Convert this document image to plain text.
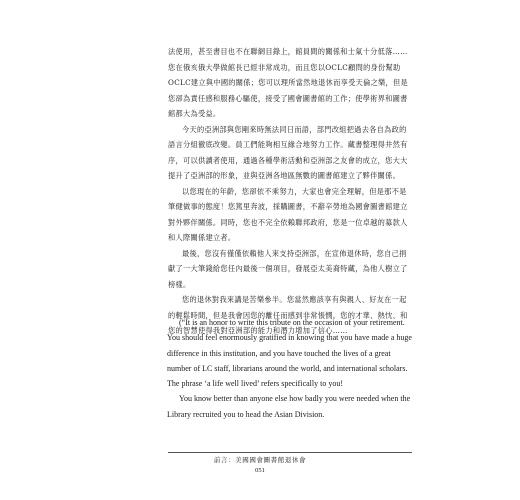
法使用，甚至書目也不在聯網目錄上，館員間的關係和士氣十分低落……您在俄亥俄大學做館長已經非常成功，而且您以OCLC顧問的身份幫助OCLC建立與中國的關係；您可以理所當然地退休而享受天倫之樂，但是您卻為責任感和服務心驅使，接受了國會圖書館的工作；使學術界和圖書館都大為受益。

今天的亞洲部與您剛來時無法同日而語，部門改組把過去各自為政的語言分組徹底改變。員工們能夠相互緣合地努力工作。藏書整理得井然有序，可以供讀者使用，通過各種學術活動和亞洲部之友會的成立，您大大提升了亞洲部的形象，並與亞洲各地區無數的圖書館建立了夥伴關係。

以您現在的年齡，您卻依不乘努力，大家也會完全理解，但是那不是筆健做事的態度！您篤里奔波，採購圖書，不辭辛勞地為國會圖書館建立對外夥伴關係。同時，您也不完全依賴聯邦政府，您是一位卓越的募款人和人際關係建立者。

最後，您沒有僅僅依賴他人來支持亞洲部，在宣佈退休時，您自己捐獻了一大筆錢給您任內最後一個項目，發展亞太美裔特藏，為他人樹立了榜樣。

您的退休對我來講是苦樂參半。您當然應該享有與親人、好友在一起的輕鬆時間，但是我會因您的離任而感到非常悵憫。您的才華、熱忱、和您的智慧使得我對亞洲部的能力和潛力增加了信心……

(“It is an honor to write this tribute on the occasion of your retirement. You should feel enormously gratified in knowing that you have made a huge difference in this institution, and you have touched the lives of a great number of LC staff, librarians around the world, and international scholars. The phrase ‘a life well lived’ refers specifically to you!

You know better than anyone else how badly you were needed when the Library recruited you to head the Asian Division.

前言：美國國會圖書館退休會
051
